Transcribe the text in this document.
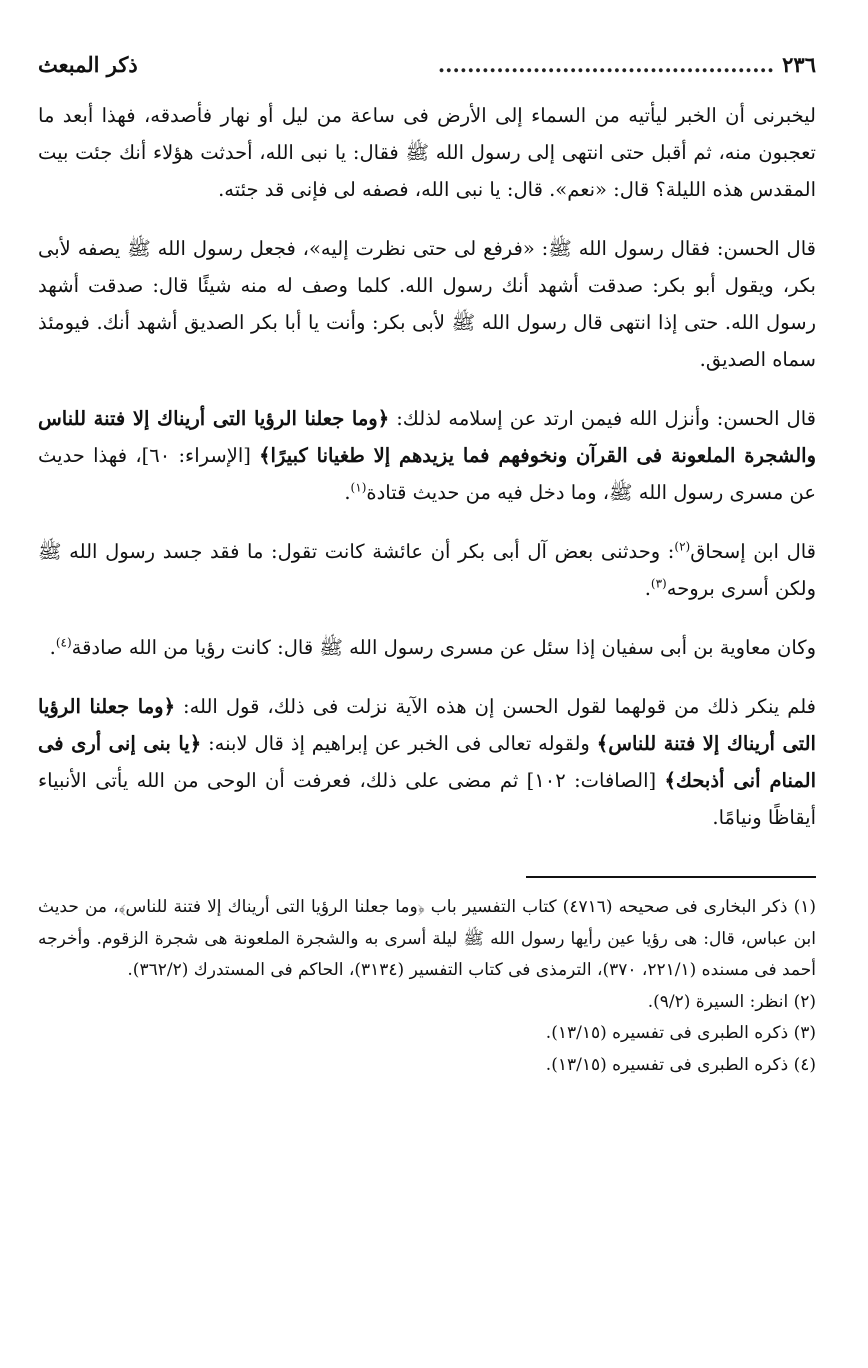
٢٣٦
..............................................
ذكر المبعث

ليخبرنى أن الخبر ليأتيه من السماء إلى الأرض فى ساعة من ليل أو نهار فأصدقه، فهذا أبعد ما تعجبون منه، ثم أقبل حتى انتهى إلى رسول الله ﷺ فقال: يا نبى الله، أحدثت هؤلاء أنك جئت بيت المقدس هذه الليلة؟ قال: «نعم». قال: يا نبى الله، فصفه لى فإنى قد جئته.

قال الحسن: فقال رسول الله ﷺ: «فرفع لى حتى نظرت إليه»، فجعل رسول الله ﷺ يصفه لأبى بكر، ويقول أبو بكر: صدقت أشهد أنك رسول الله. كلما وصف له منه شيئًا قال: صدقت أشهد رسول الله. حتى إذا انتهى قال رسول الله ﷺ لأبى بكر: وأنت يا أبا بكر الصديق أشهد أنك. فيومئذ سماه الصديق.

قال الحسن: وأنزل الله فيمن ارتد عن إسلامه لذلك: ﴿وما جعلنا الرؤيا التى أريناك إلا فتنة للناس والشجرة الملعونة فى القرآن ونخوفهم فما يزيدهم إلا طغيانا كبيرًا﴾ [الإسراء: ٦٠]، فهذا حديث عن مسرى رسول الله ﷺ، وما دخل فيه من حديث قتادة$^{(١)}$.

قال ابن إسحاق$^{(٢)}$: وحدثنى بعض آل أبى بكر أن عائشة كانت تقول: ما فقد جسد رسول الله ﷺ ولكن أسرى بروحه$^{(٣)}$.

وكان معاوية بن أبى سفيان إذا سئل عن مسرى رسول الله ﷺ قال: كانت رؤيا من الله صادقة$^{(٤)}$.

فلم ينكر ذلك من قولهما لقول الحسن إن هذه الآية نزلت فى ذلك، قول الله: ﴿وما جعلنا الرؤيا التى أريناك إلا فتنة للناس﴾ ولقوله تعالى فى الخبر عن إبراهيم إذ قال لابنه: ﴿يا بنى إنى أرى فى المنام أنى أذبحك﴾ [الصافات: ١٠٢] ثم مضى على ذلك، فعرفت أن الوحى من الله يأتى الأنبياء أيقاظًا ونيامًا.

(١) ذكر البخارى فى صحيحه (٤٧١٦) كتاب التفسير باب ﴿وما جعلنا الرؤيا التى أريناك إلا فتنة للناس﴾، من حديث ابن عباس، قال: هى رؤيا عين رأيها رسول الله ﷺ ليلة أسرى به والشجرة الملعونة هى شجرة الزقوم. وأخرجه أحمد فى مسنده (٢٢١/١، ٣٧٠)، الترمذى فى كتاب التفسير (٣١٣٤)، الحاكم فى المستدرك (٣٦٢/٢).

(٢) انظر: السيرة (٩/٢).

(٣) ذكره الطبرى فى تفسيره (١٣/١٥).

(٤) ذكره الطبرى فى تفسيره (١٣/١٥).
